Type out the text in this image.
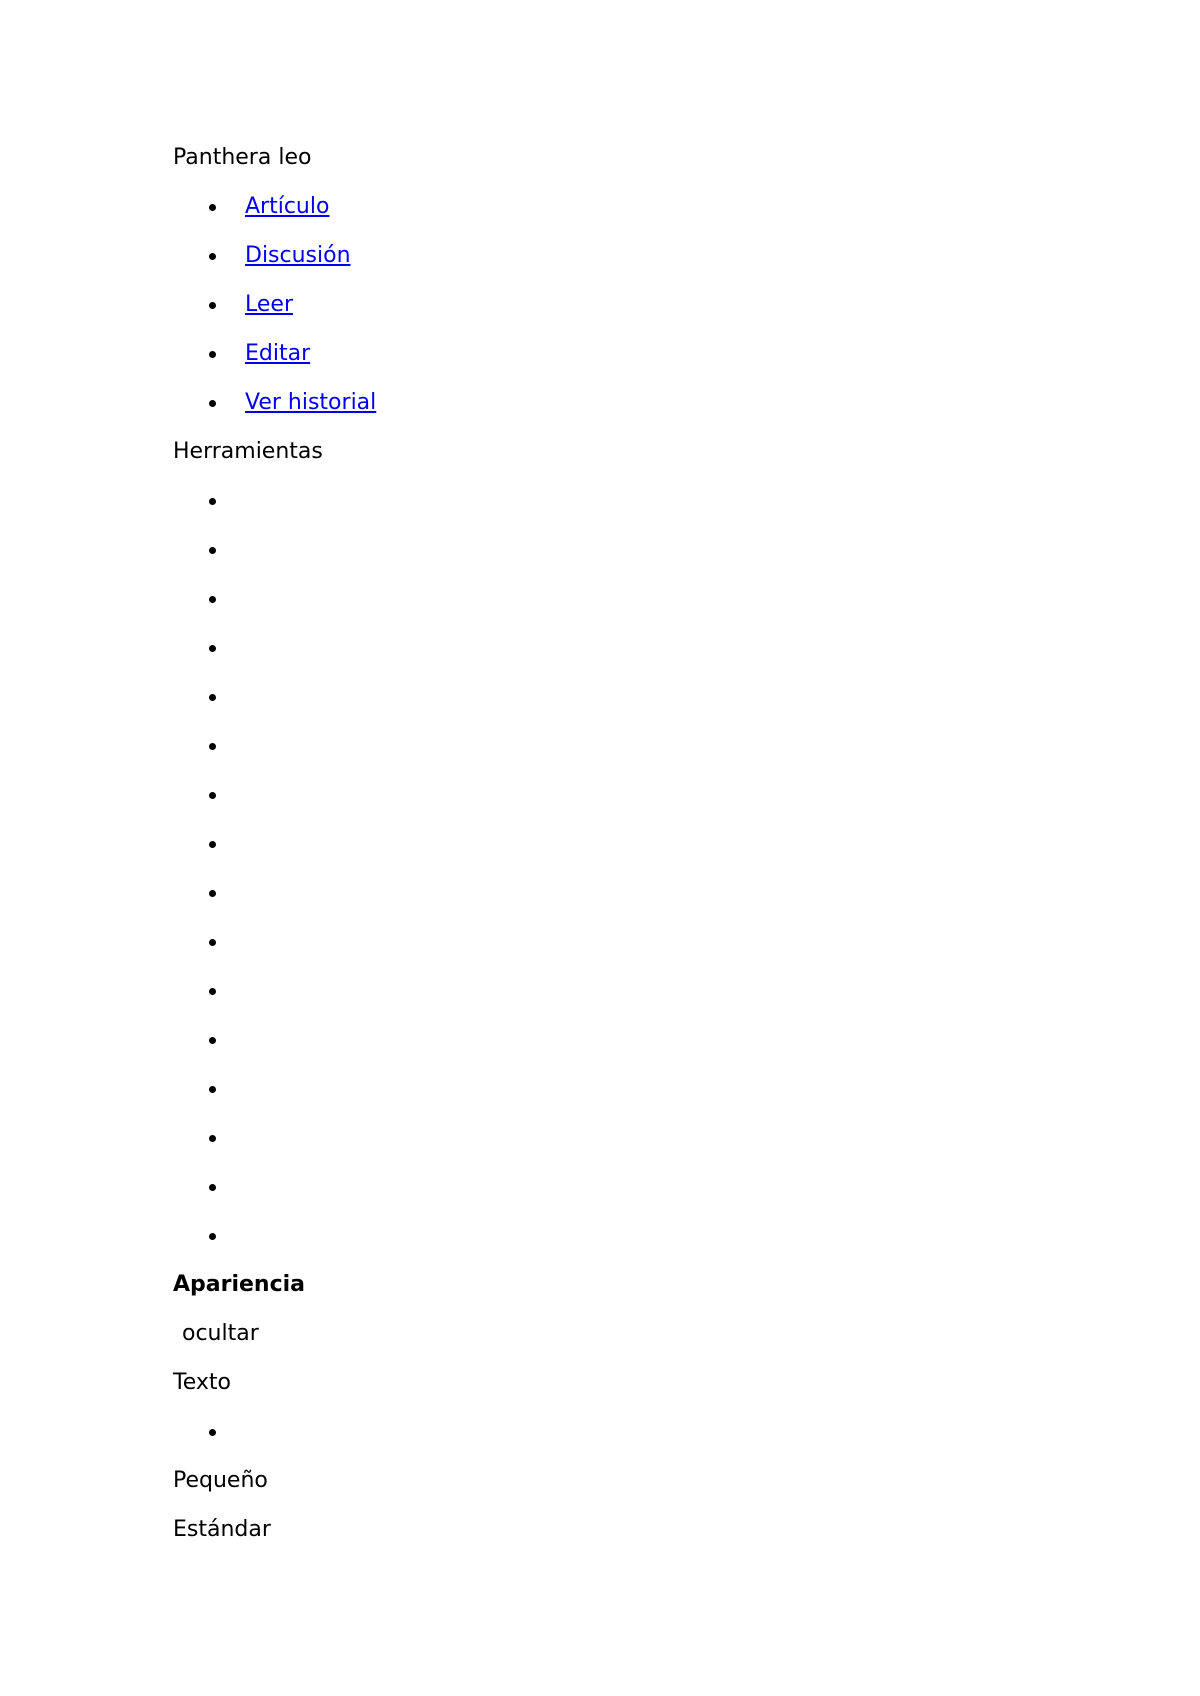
Panthera leo
Artículo
Discusión
Leer
Editar
Ver historial
Herramientas
Apariencia
ocultar
Texto
Pequeño
Estándar
